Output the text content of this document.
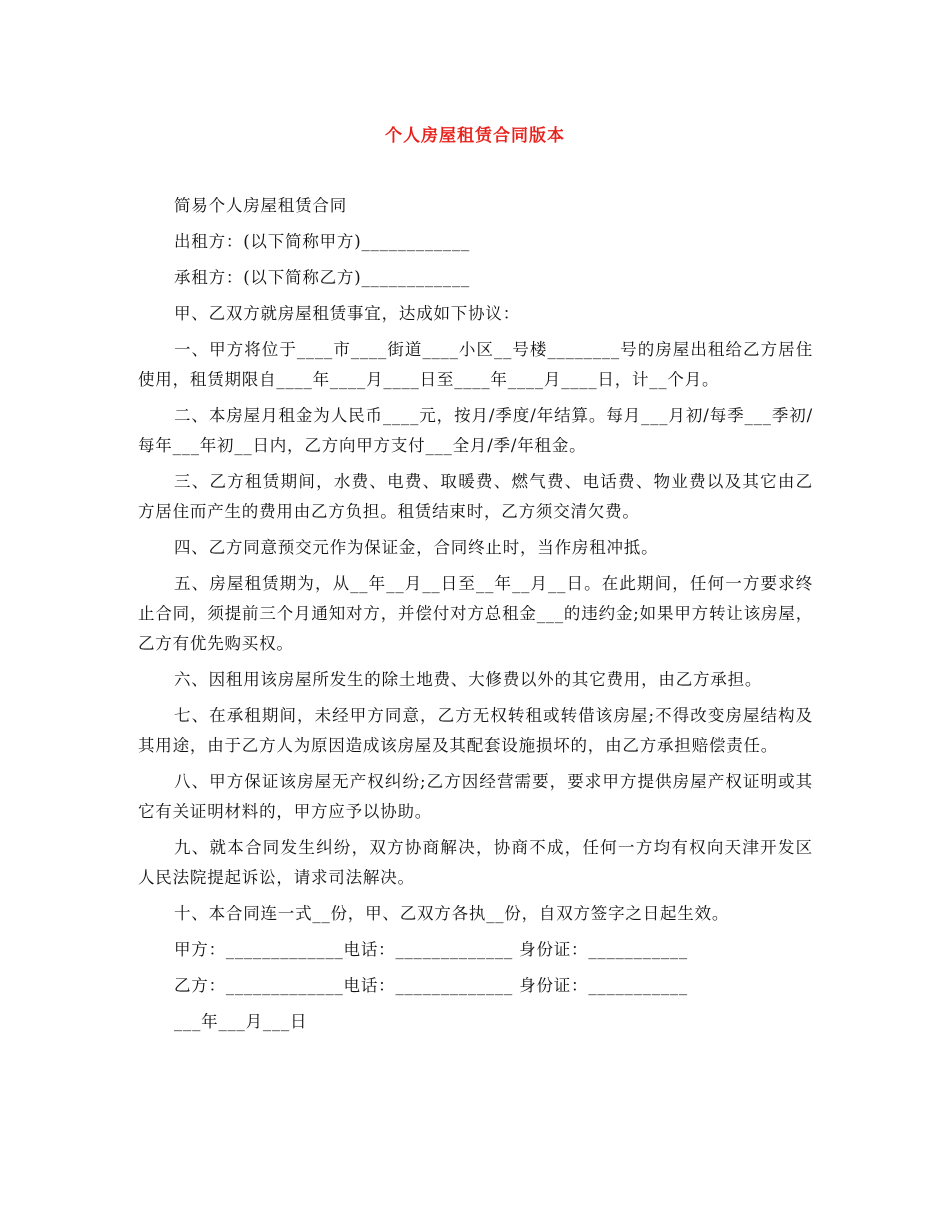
个人房屋租赁合同版本

简易个人房屋租赁合同

出租方：(以下简称甲方)____________

承租方：(以下简称乙方)____________

甲、乙双方就房屋租赁事宜，达成如下协议：

一、甲方将位于____市____街道____小区__号楼________号的房屋出租给乙方居住使用，租赁期限自____年____月____日至____年____月____日，计__个月。

二、本房屋月租金为人民币____元，按月/季度/年结算。每月___月初/每季___季初/每年___年初__日内，乙方向甲方支付___全月/季/年租金。

三、乙方租赁期间，水费、电费、取暖费、燃气费、电话费、物业费以及其它由乙方居住而产生的费用由乙方负担。租赁结束时，乙方须交清欠费。

四、乙方同意预交元作为保证金，合同终止时，当作房租冲抵。

五、房屋租赁期为，从__年__月__日至__年__月__日。在此期间，任何一方要求终止合同，须提前三个月通知对方，并偿付对方总租金___的违约金;如果甲方转让该房屋，乙方有优先购买权。

六、因租用该房屋所发生的除土地费、大修费以外的其它费用，由乙方承担。

七、在承租期间，未经甲方同意，乙方无权转租或转借该房屋;不得改变房屋结构及其用途，由于乙方人为原因造成该房屋及其配套设施损坏的，由乙方承担赔偿责任。

八、甲方保证该房屋无产权纠纷;乙方因经营需要，要求甲方提供房屋产权证明或其它有关证明材料的，甲方应予以协助。

九、就本合同发生纠纷，双方协商解决，协商不成，任何一方均有权向天津开发区人民法院提起诉讼，请求司法解决。

十、本合同连一式__份，甲、乙双方各执__份，自双方签字之日起生效。

甲方：_____________电话：_____________ 身份证：___________

乙方：_____________电话：_____________ 身份证：___________

___年___月___日
